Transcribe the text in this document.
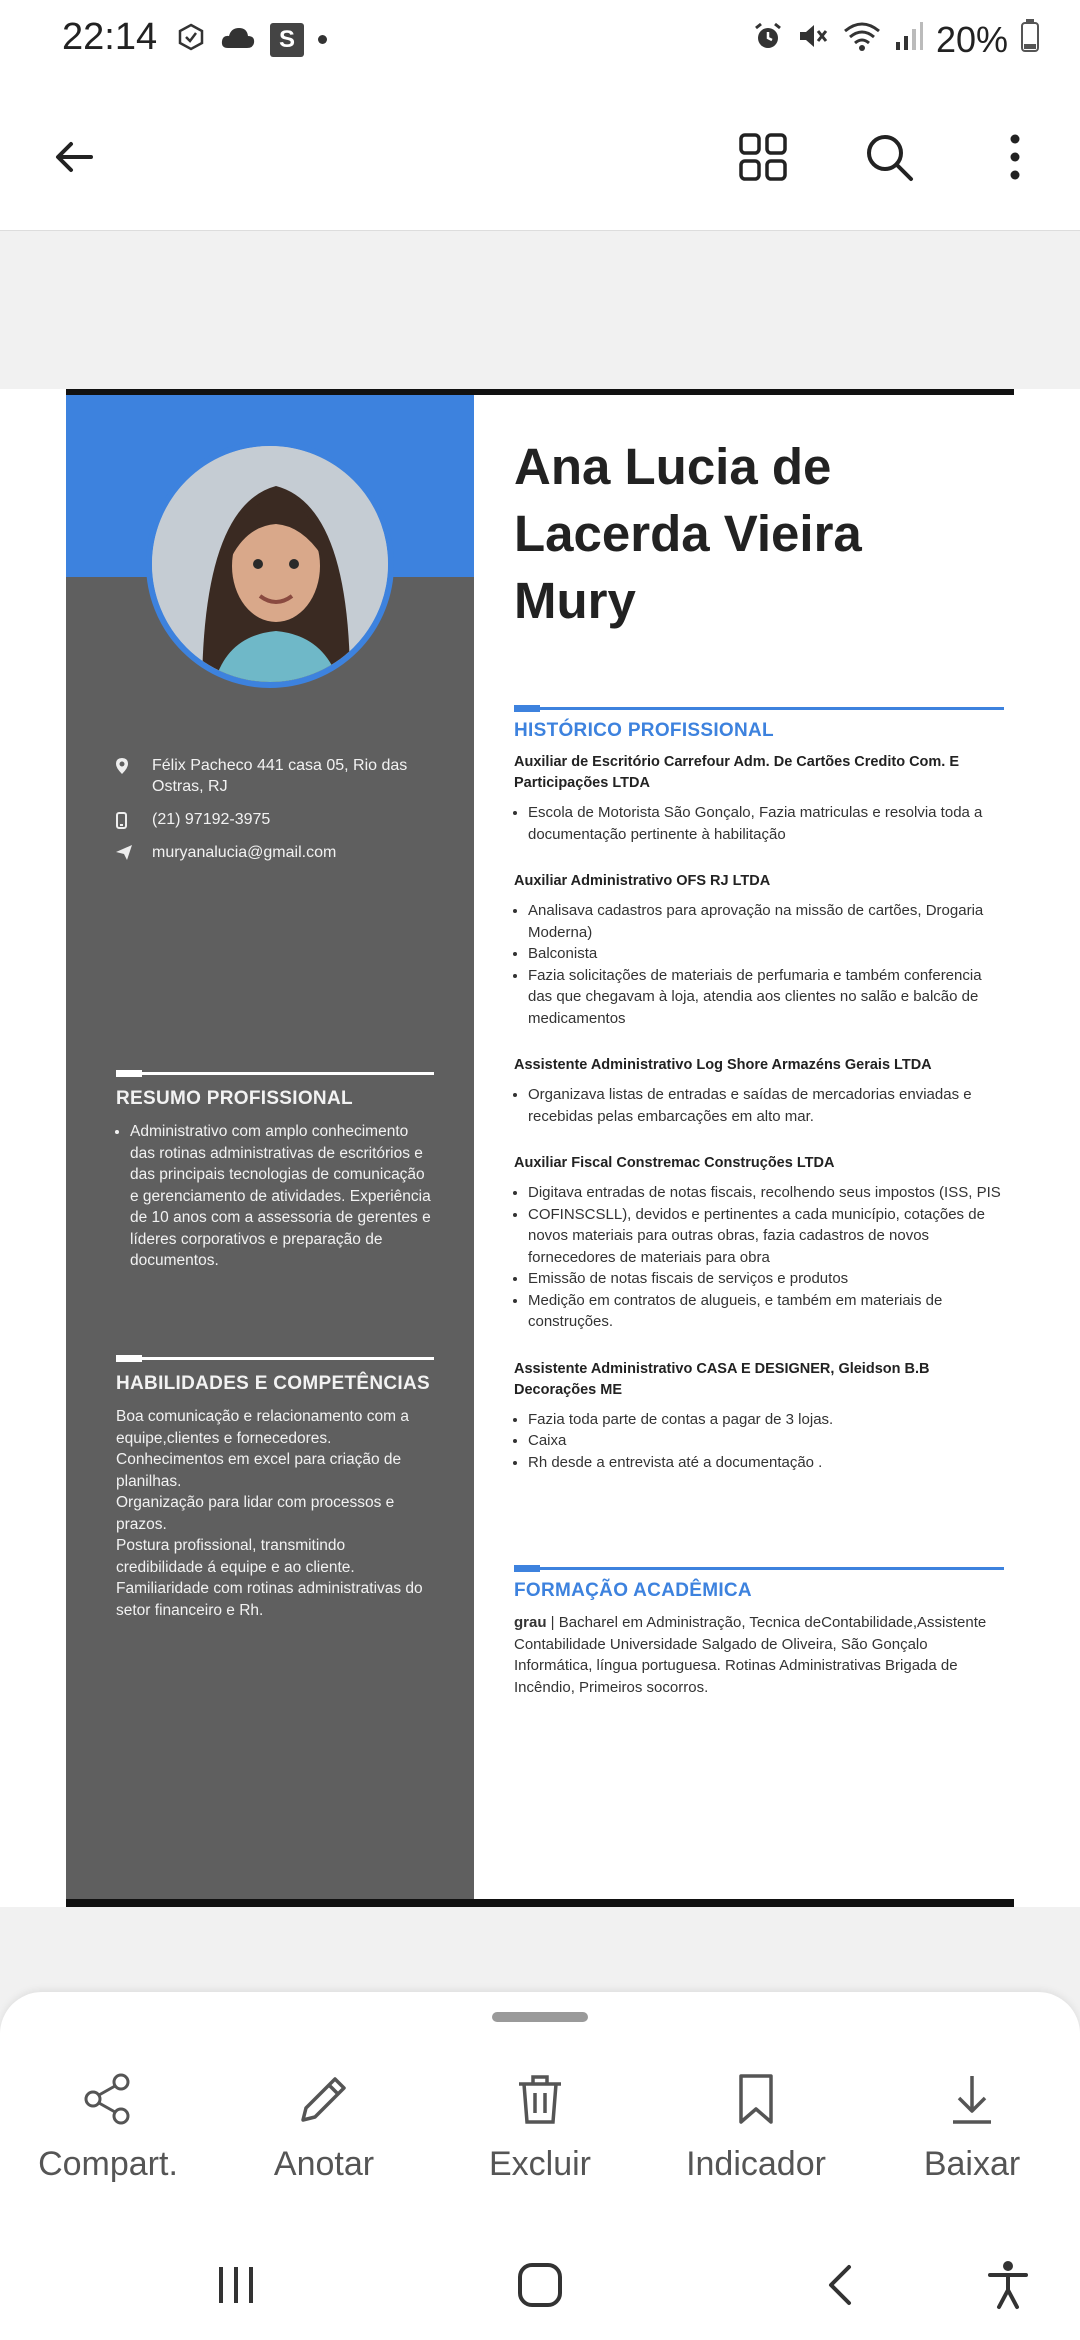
22:14	S	20%
Félix Pacheco 441 casa 05, Rio das Ostras, RJ
(21) 97192-3975
muryanalucia@gmail.com
RESUMO PROFISSIONAL
• Administrativo com amplo conhecimento das rotinas administrativas de escritórios e das principais tecnologias de comunicação e gerenciamento de atividades. Experiência de 10 anos com a assessoria de gerentes e líderes corporativos e preparação de documentos.
HABILIDADES E COMPETÊNCIAS

Boa comunicação e relacionamento com a equipe,clientes e fornecedores.

Conhecimentos em excel para criação de planilhas.

Organização para lidar com processos e prazos.

Postura profissional, transmitindo credibilidade á equipe e ao cliente.

Familiaridade com rotinas administrativas do setor financeiro e Rh.

Ana Lucia de Lacerda Vieira Mury
HISTÓRICO PROFISSIONAL
Auxiliar de Escritório Carrefour Adm. De Cartões Credito Com. E Participações LTDA
• Escola de Motorista São Gonçalo, Fazia matriculas e resolvia toda a documentação pertinente à habilitação
Auxiliar Administrativo OFS RJ LTDA
• Analisava cadastros para aprovação na missão de cartões, Drogaria Moderna)
• Balconista
• Fazia solicitações de materiais de perfumaria e também conferencia das que chegavam à loja, atendia aos clientes no salão e balcão de medicamentos
Assistente Administrativo Log Shore Armazéns Gerais LTDA
• Organizava listas de entradas e saídas de mercadorias enviadas e recebidas pelas embarcações em alto mar.
Auxiliar Fiscal Constremac Construções LTDA
• Digitava entradas de notas fiscais, recolhendo seus impostos (ISS, PIS
• COFINSCSLL), devidos e pertinentes a cada município, cotações de novos materiais para outras obras, fazia cadastros de novos fornecedores de materiais para obra
• Emissão de notas fiscais de serviços e produtos
• Medição em contratos de alugueis, e também em materiais de construções.
Assistente Administrativo CASA E DESIGNER, Gleidson B.B Decorações ME
• Fazia toda parte de contas a pagar de 3 lojas.
• Caixa
• Rh desde a entrevista até a documentação .
FORMAÇÃO ACADÊMICA
grau | Bacharel em Administração, Tecnica deContabilidade,Assistente Contabilidade Universidade Salgado de Oliveira, São Gonçalo Informática, língua portuguesa. Rotinas Administrativas Brigada de Incêndio, Primeiros socorros.
Compart.	Anotar	Excluir	Indicador	Baixar
